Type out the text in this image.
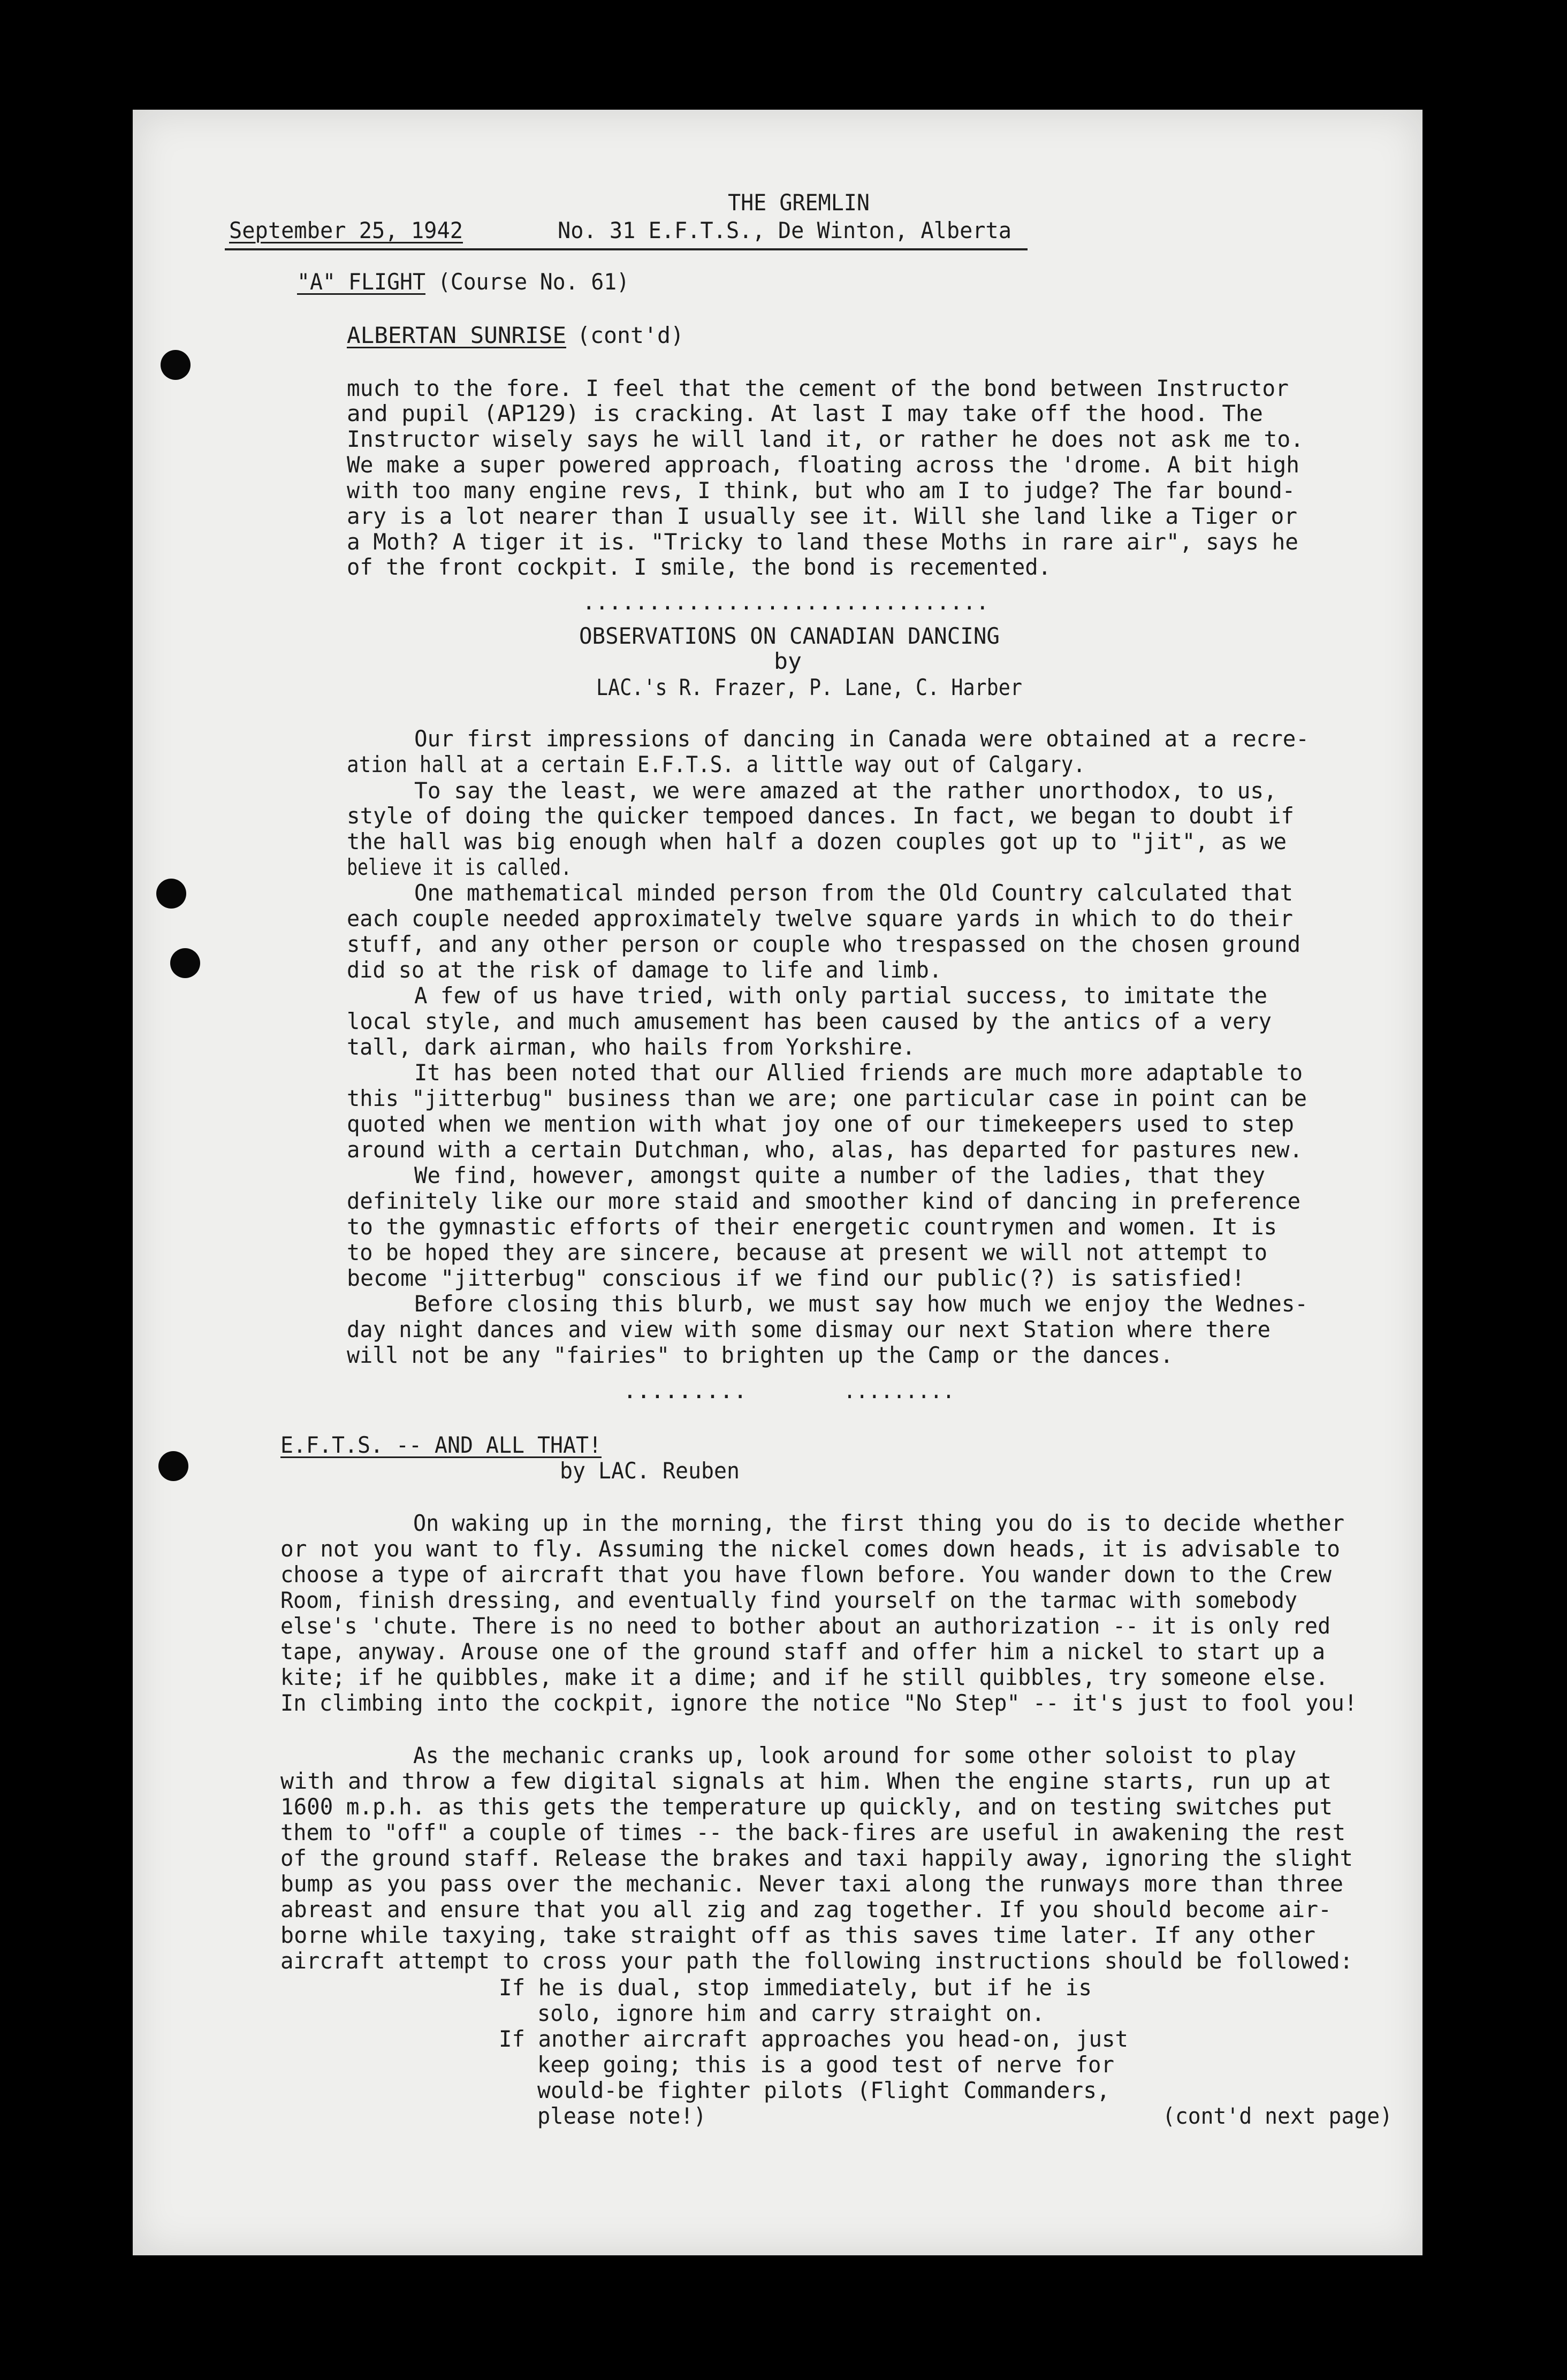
THE GREMLIN
September 25, 1942	No. 31 E.F.T.S., De Winton, Alberta
"A" FLIGHT (Course No. 61)
ALBERTAN SUNRISE (cont'd)
much to the fore. I feel that the cement of the bond between Instructor
and pupil (AP129) is cracking. At last I may take off the hood. The
Instructor wisely says he will land it, or rather he does not ask me to.
We make a super powered approach, floating across the 'drome. A bit high
with too many engine revs, I think, but who am I to judge? The far bound-
ary is a lot nearer than I usually see it. Will she land like a Tiger or
a Moth? A tiger it is. "Tricky to land these Moths in rare air", says he
of the front cockpit. I smile, the bond is recemented.
...............................
OBSERVATIONS ON CANADIAN DANCING
by
LAC.'s R. Frazer, P. Lane, C. Harber
Our first impressions of dancing in Canada were obtained at a recre-
ation hall at a certain E.F.T.S. a little way out of Calgary.
To say the least, we were amazed at the rather unorthodox, to us,
style of doing the quicker tempoed dances. In fact, we began to doubt if
the hall was big enough when half a dozen couples got up to "jit", as we
believe it is called.
One mathematical minded person from the Old Country calculated that
each couple needed approximately twelve square yards in which to do their
stuff, and any other person or couple who trespassed on the chosen ground
did so at the risk of damage to life and limb.
A few of us have tried, with only partial success, to imitate the
local style, and much amusement has been caused by the antics of a very
tall, dark airman, who hails from Yorkshire.
It has been noted that our Allied friends are much more adaptable to
this "jitterbug" business than we are; one particular case in point can be
quoted when we mention with what joy one of our timekeepers used to step
around with a certain Dutchman, who, alas, has departed for pastures new.
We find, however, amongst quite a number of the ladies, that they
definitely like our more staid and smoother kind of dancing in preference
to the gymnastic efforts of their energetic countrymen and women. It is
to be hoped they are sincere, because at present we will not attempt to
become "jitterbug" conscious if we find our public(?) is satisfied!
Before closing this blurb, we must say how much we enjoy the Wednes-
day night dances and view with some dismay our next Station where there
will not be any "fairies" to brighten up the Camp or the dances.
.........	.........
E.F.T.S. -- AND ALL THAT!
by LAC. Reuben
On waking up in the morning, the first thing you do is to decide whether
or not you want to fly. Assuming the nickel comes down heads, it is advisable to
choose a type of aircraft that you have flown before. You wander down to the Crew
Room, finish dressing, and eventually find yourself on the tarmac with somebody
else's 'chute. There is no need to bother about an authorization -- it is only red
tape, anyway. Arouse one of the ground staff and offer him a nickel to start up a
kite; if he quibbles, make it a dime; and if he still quibbles, try someone else.
In climbing into the cockpit, ignore the notice "No Step" -- it's just to fool you!
As the mechanic cranks up, look around for some other soloist to play
with and throw a few digital signals at him. When the engine starts, run up at
1600 m.p.h. as this gets the temperature up quickly, and on testing switches put
them to "off" a couple of times -- the back-fires are useful in awakening the rest
of the ground staff. Release the brakes and taxi happily away, ignoring the slight
bump as you pass over the mechanic. Never taxi along the runways more than three
abreast and ensure that you all zig and zag together. If you should become air-
borne while taxying, take straight off as this saves time later. If any other
aircraft attempt to cross your path the following instructions should be followed:
If he is dual, stop immediately, but if he is
solo, ignore him and carry straight on.
If another aircraft approaches you head-on, just
keep going; this is a good test of nerve for
would-be fighter pilots (Flight Commanders,
please note!)	(cont'd next page)
